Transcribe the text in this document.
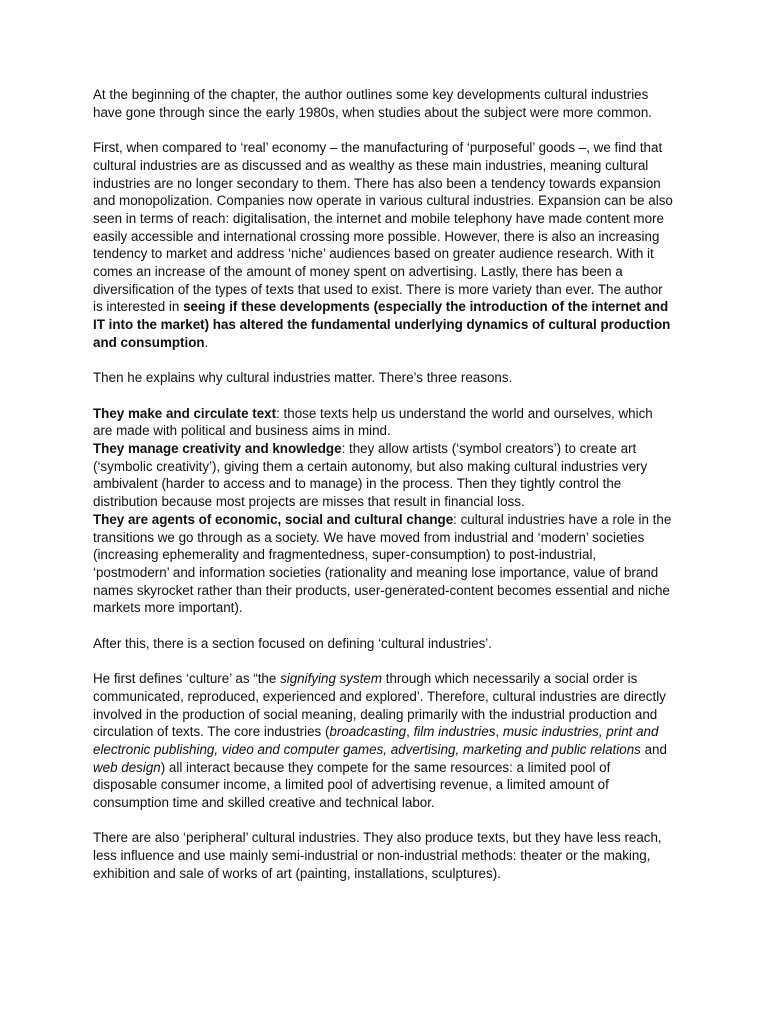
At the beginning of the chapter, the author outlines some key developments cultural industries have gone through since the early 1980s, when studies about the subject were more common.

First, when compared to ‘real’ economy – the manufacturing of ‘purposeful’ goods –, we find that cultural industries are as discussed and as wealthy as these main industries, meaning cultural industries are no longer secondary to them. There has also been a tendency towards expansion and monopolization. Companies now operate in various cultural industries. Expansion can be also seen in terms of reach: digitalisation, the internet and mobile telephony have made content more easily accessible and international crossing more possible. However, there is also an increasing tendency to market and address ‘niche’ audiences based on greater audience research. With it comes an increase of the amount of money spent on advertising. Lastly, there has been a diversification of the types of texts that used to exist. There is more variety than ever. The author is interested in seeing if these developments (especially the introduction of the internet and IT into the market) has altered the fundamental underlying dynamics of cultural production and consumption.

Then he explains why cultural industries matter. There’s three reasons.

They make and circulate text: those texts help us understand the world and ourselves, which are made with political and business aims in mind.
They manage creativity and knowledge: they allow artists (‘symbol creators’) to create art (‘symbolic creativity’), giving them a certain autonomy, but also making cultural industries very ambivalent (harder to access and to manage) in the process. Then they tightly control the distribution because most projects are misses that result in financial loss.
They are agents of economic, social and cultural change: cultural industries have a role in the transitions we go through as a society. We have moved from industrial and ‘modern’ societies (increasing ephemerality and fragmentedness, super-consumption) to post-industrial, ‘postmodern’ and information societies (rationality and meaning lose importance, value of brand names skyrocket rather than their products, user-generated-content becomes essential and niche markets more important).

After this, there is a section focused on defining ‘cultural industries’.

He first defines ‘culture’ as “the signifying system through which necessarily a social order is communicated, reproduced, experienced and explored’. Therefore, cultural industries are directly involved in the production of social meaning, dealing primarily with the industrial production and circulation of texts. The core industries (broadcasting, film industries, music industries, print and electronic publishing, video and computer games, advertising, marketing and public relations and web design) all interact because they compete for the same resources: a limited pool of disposable consumer income, a limited pool of advertising revenue, a limited amount of consumption time and skilled creative and technical labor.

There are also ‘peripheral’ cultural industries. They also produce texts, but they have less reach, less influence and use mainly semi-industrial or non-industrial methods: theater or the making, exhibition and sale of works of art (painting, installations, sculptures).
